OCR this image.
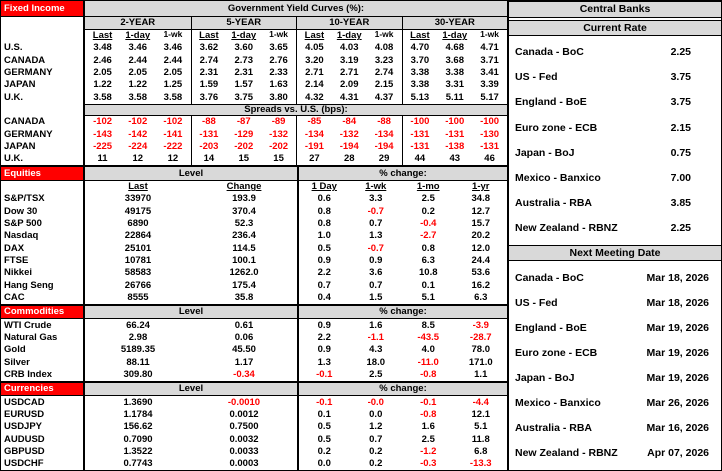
Fixed Income	Government Yield Curves (%):
2-YEAR	5-YEAR	10-YEAR	30-YEAR
Last	1-day	1-wk	Last	1-day	1-wk	Last	1-day	1-wk	Last	1-day	1-wk
U.S.	3.48	3.46	3.46	3.62	3.60	3.65	4.05	4.03	4.08	4.70	4.68	4.71
CANADA	2.46	2.44	2.44	2.74	2.73	2.76	3.20	3.19	3.23	3.70	3.68	3.71
GERMANY	2.05	2.05	2.05	2.31	2.31	2.33	2.71	2.71	2.74	3.38	3.38	3.41
JAPAN	1.22	1.22	1.25	1.59	1.57	1.63	2.14	2.09	2.15	3.38	3.31	3.39
U.K.	3.58	3.58	3.58	3.76	3.75	3.80	4.32	4.31	4.37	5.13	5.11	5.17
Spreads vs. U.S. (bps):
CANADA	-102	-102	-102	-88	-87	-89	-85	-84	-88	-100	-100	-100
GERMANY	-143	-142	-141	-131	-129	-132	-134	-132	-134	-131	-131	-130
JAPAN	-225	-224	-222	-203	-202	-202	-191	-194	-194	-131	-138	-131
U.K.	11	12	12	14	15	15	27	28	29	44	43	46
Equities	Level	% change:
Last	Change	1 Day	1-wk	1-mo	1-yr
S&P/TSX	33970	193.9	0.6	3.3	2.5	34.8
Dow 30	49175	370.4	0.8	-0.7	0.2	12.7
S&P 500	6890	52.3	0.8	0.7	-0.4	15.7
Nasdaq	22864	236.4	1.0	1.3	-2.7	20.2
DAX	25101	114.5	0.5	-0.7	0.8	12.0
FTSE	10781	100.1	0.9	0.9	6.3	24.4
Nikkei	58583	1262.0	2.2	3.6	10.8	53.6
Hang Seng	26766	175.4	0.7	0.7	0.1	16.2
CAC	8555	35.8	0.4	1.5	5.1	6.3
Commodities	Level	% change:
WTI Crude	66.24	0.61	0.9	1.6	8.5	-3.9
Natural Gas	2.98	0.06	2.2	-1.1	-43.5	-28.7
Gold	5189.35	45.50	0.9	4.3	4.0	78.0
Silver	88.11	1.17	1.3	18.0	-11.0	171.0
CRB Index	309.80	-0.34	-0.1	2.5	-0.8	1.1
Currencies	Level	% change:
USDCAD	1.3690	-0.0010	-0.1	-0.0	-0.1	-4.4
EURUSD	1.1784	0.0012	0.1	0.0	-0.8	12.1
USDJPY	156.62	0.7500	0.5	1.2	1.6	5.1
AUDUSD	0.7090	0.0032	0.5	0.7	2.5	11.8
GBPUSD	1.3522	0.0033	0.2	0.2	-1.2	6.8
USDCHF	0.7743	0.0003	0.0	0.2	-0.3	-13.3
Central Banks
Current Rate
Canada - BoC	2.25
US - Fed	3.75
England - BoE	3.75
Euro zone - ECB	2.15
Japan - BoJ	0.75
Mexico - Banxico	7.00
Australia - RBA	3.85
New Zealand - RBNZ	2.25
Next Meeting Date
Canada - BoC	Mar 18, 2026
US - Fed	Mar 18, 2026
England - BoE	Mar 19, 2026
Euro zone - ECB	Mar 19, 2026
Japan - BoJ	Mar 19, 2026
Mexico - Banxico	Mar 26, 2026
Australia - RBA	Mar 16, 2026
New Zealand - RBNZ	Apr 07, 2026
